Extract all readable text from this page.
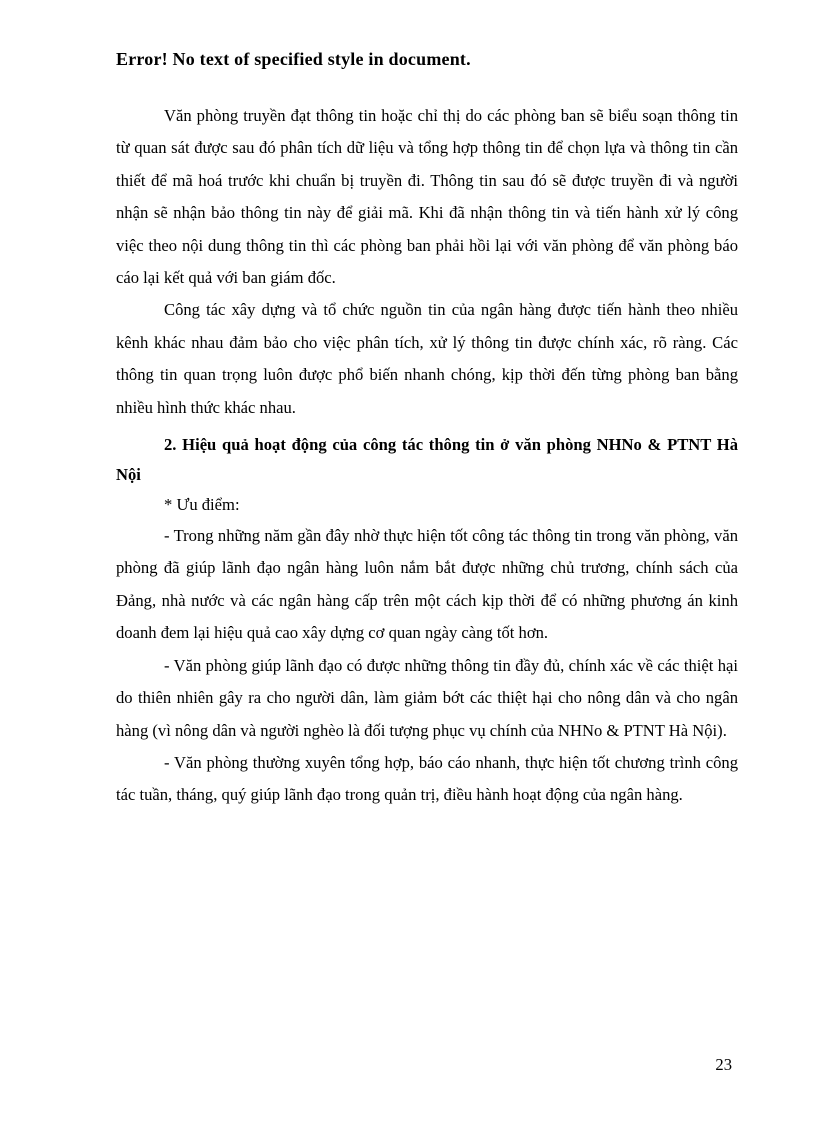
Error! No text of specified style in document.

Văn phòng truyền đạt thông tin hoặc chỉ thị do các phòng ban sẽ biểu soạn thông tin từ quan sát được sau đó phân tích dữ liệu và tổng hợp thông tin để chọn lựa và thông tin cần thiết để mã hoá trước khi chuẩn bị truyền đi. Thông tin sau đó sẽ được truyền đi và người nhận sẽ nhận bảo thông tin này để giải mã. Khi đã nhận thông tin và tiến hành xử lý công việc theo nội dung thông tin thì các phòng ban phải hồi lại với văn phòng để văn phòng báo cáo lại kết quả với ban giám đốc.

Công tác xây dựng và tổ chức nguồn tin của ngân hàng được tiến hành theo nhiều kênh khác nhau đảm bảo cho việc phân tích, xử lý thông tin được chính xác, rõ ràng. Các thông tin quan trọng luôn được phổ biến nhanh chóng, kịp thời đến từng phòng ban bằng nhiều hình thức khác nhau.

2. Hiệu quả hoạt động của công tác thông tin ở văn phòng NHNo & PTNT Hà Nội

* Ưu điểm:

- Trong những năm gần đây nhờ thực hiện tốt công tác thông tin trong văn phòng, văn phòng đã giúp lãnh đạo ngân hàng luôn nắm bắt được những chủ trương, chính sách của Đảng, nhà nước và các ngân hàng cấp trên một cách kịp thời để có những phương án kinh doanh đem lại hiệu quả cao xây dựng cơ quan ngày càng tốt hơn.

- Văn phòng giúp lãnh đạo có được những thông tin đầy đủ, chính xác về các thiệt hại do thiên nhiên gây ra cho người dân, làm giảm bớt các thiệt hại cho nông dân và cho ngân hàng (vì nông dân và người nghèo là đối tượng phục vụ chính của NHNo & PTNT Hà Nội).

- Văn phòng thường xuyên tổng hợp, báo cáo nhanh, thực hiện tốt chương trình công tác tuần, tháng, quý giúp lãnh đạo trong quản trị, điều hành hoạt động của ngân hàng.

23
